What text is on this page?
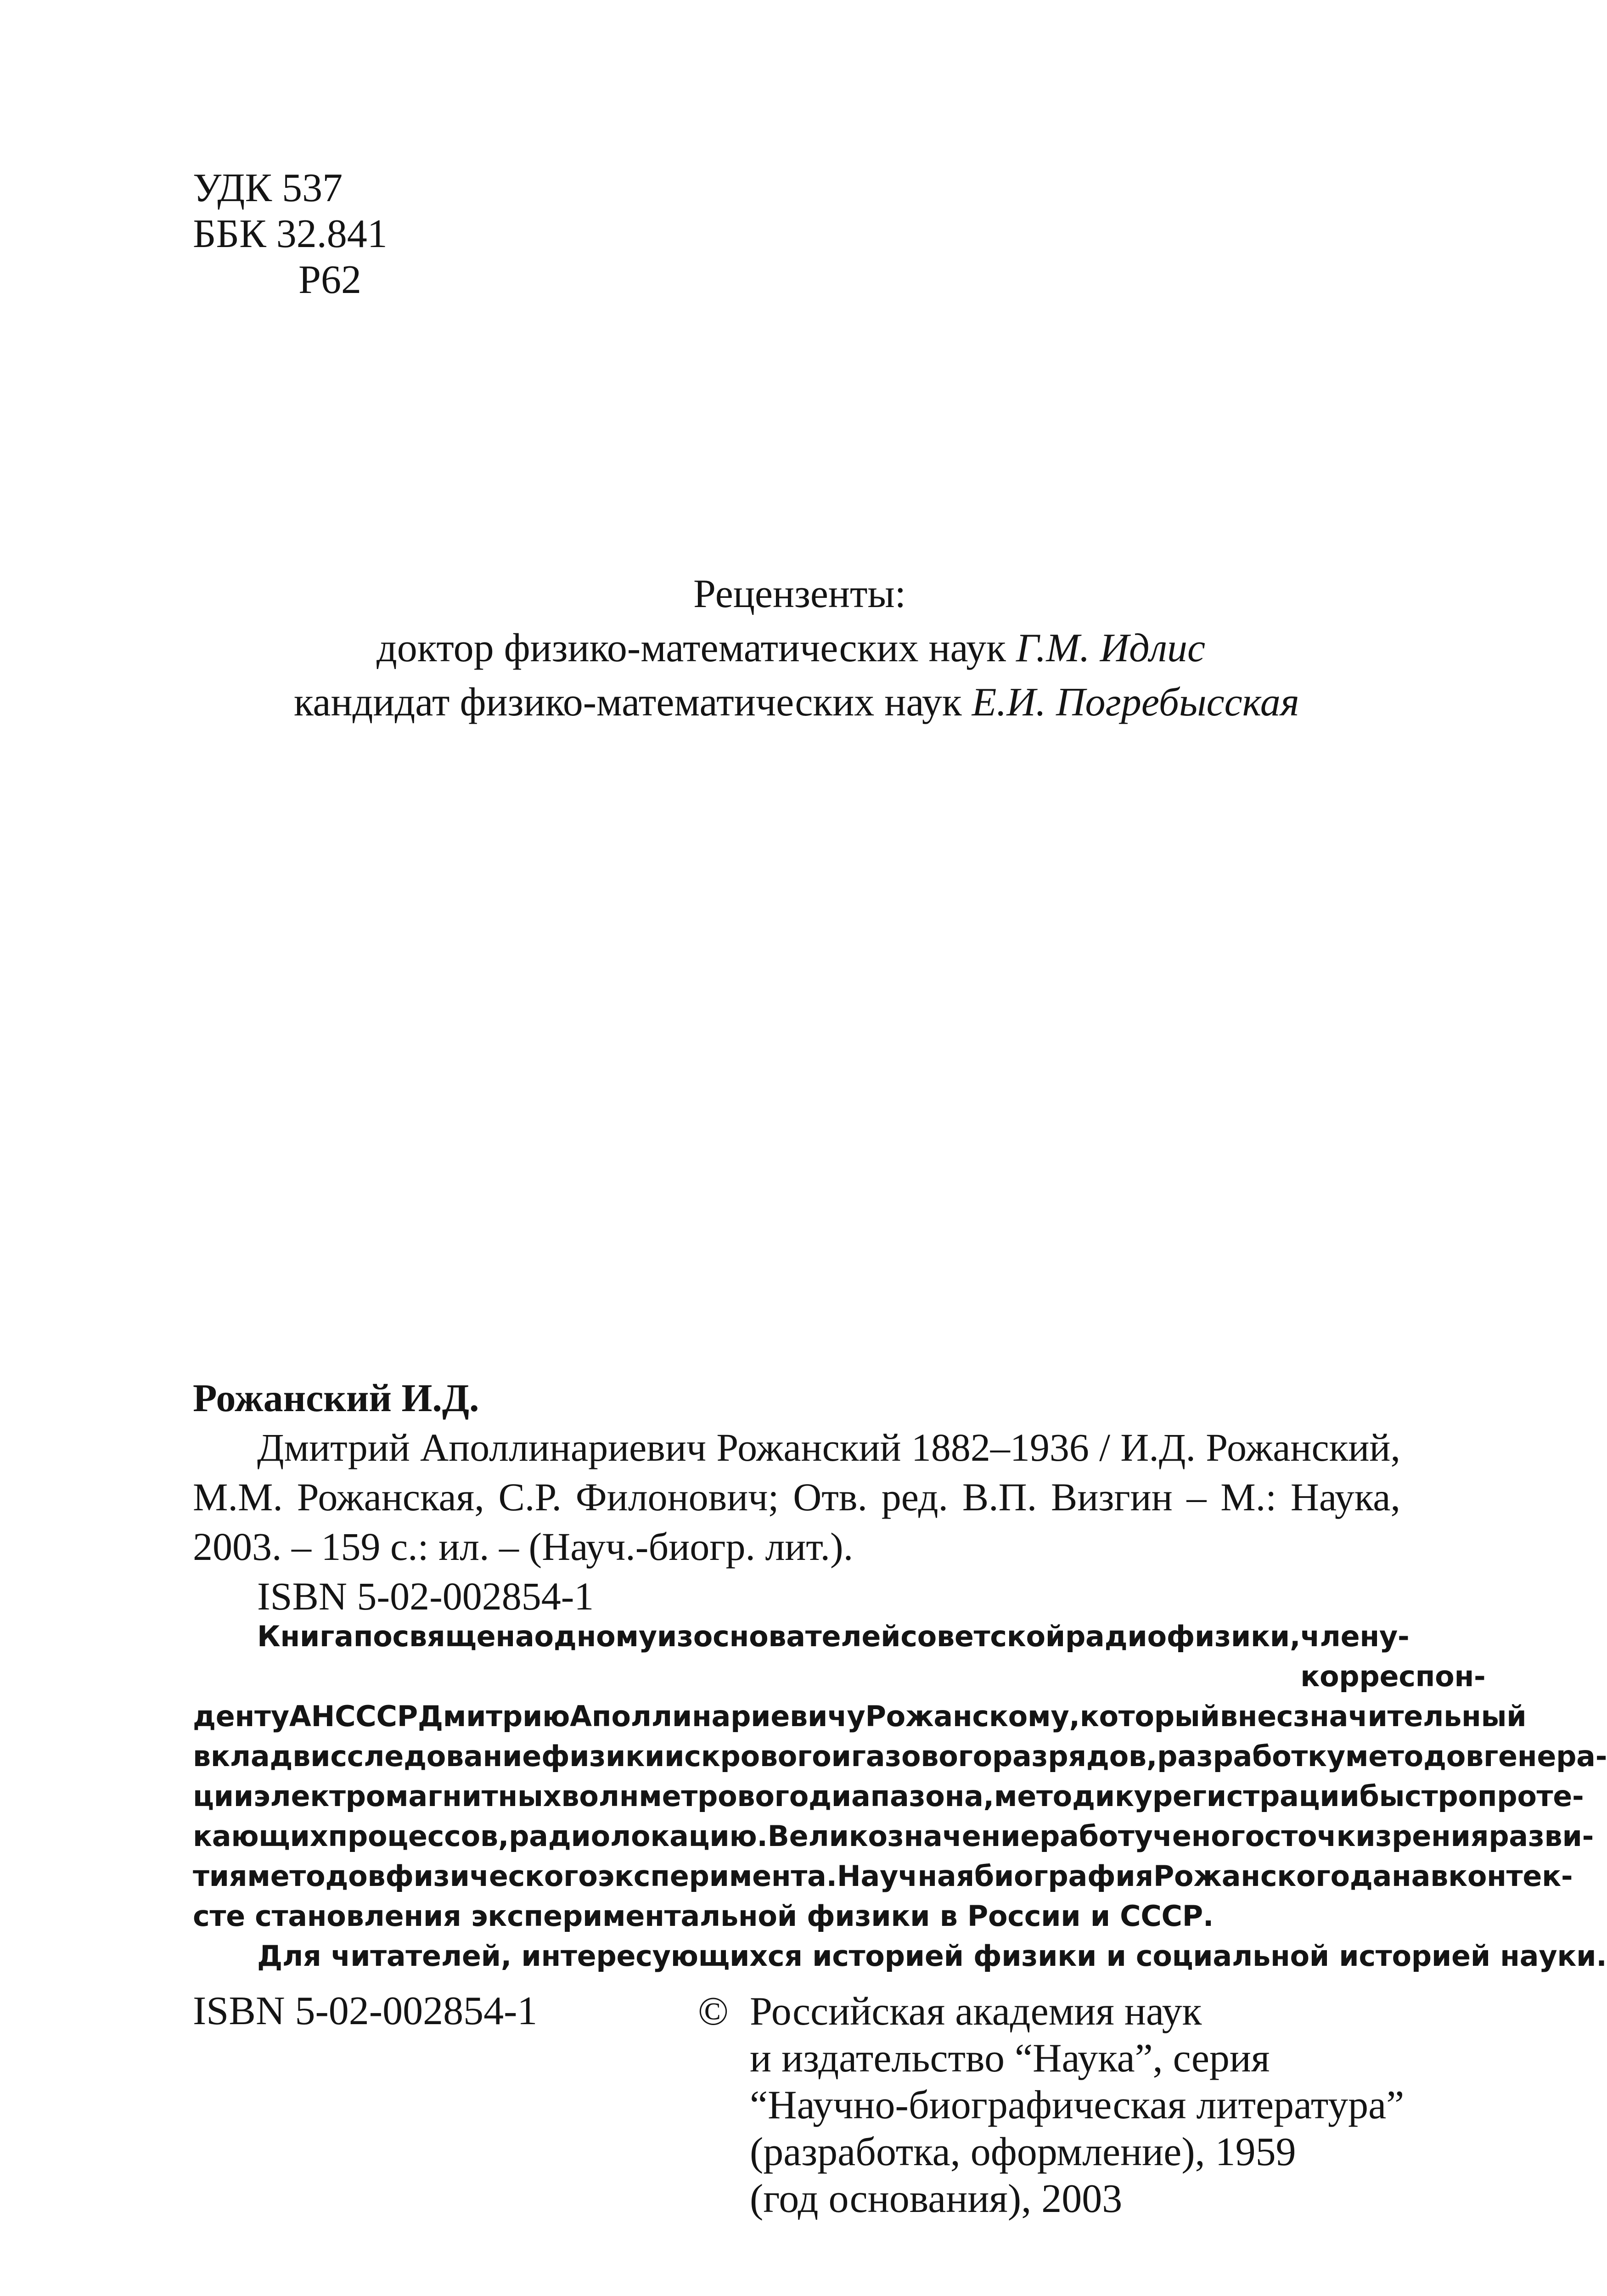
УДК 537
ББК 32.841
Р62
Рецензенты:
доктор физико-математических наук Г.М. Идлис
кандидат физико-математических наук Е.И. Погребысская
Рожанский И.Д.
Дмитрий Аполлинариевич Рожанский 1882–1936 / И.Д. Рожанский,
М.М. Рожанская, С.Р. Филонович; Отв. ред. В.П. Визгин – М.: Наука,
2003. – 159 с.: ил. – (Науч.-биогр. лит.).
ISBN 5-02-002854-1
Книга посвящена одному из основателей советской радиофизики, члену-корреспон-
денту АН СССР Дмитрию Аполлинариевичу Рожанскому, который внес значительный
вклад в исследование физики искрового и газового разрядов, разработку методов генера-
ции электромагнитных волн метрового диапазона, методику регистрации быстропроте-
кающих процессов, радиолокацию. Велико значение работ ученого с точки зрения разви-
тия методов физического эксперимента. Научная биография Рожанского дана в контек-
сте становления экспериментальной физики в России и СССР.
Для читателей, интересующихся историей физики и социальной историей науки.
ISBN 5-02-002854-1	© Российская академия наук
и издательство “Наука”, серия
“Научно-биографическая литература”
(разработка, оформление), 1959
(год основания), 2003
